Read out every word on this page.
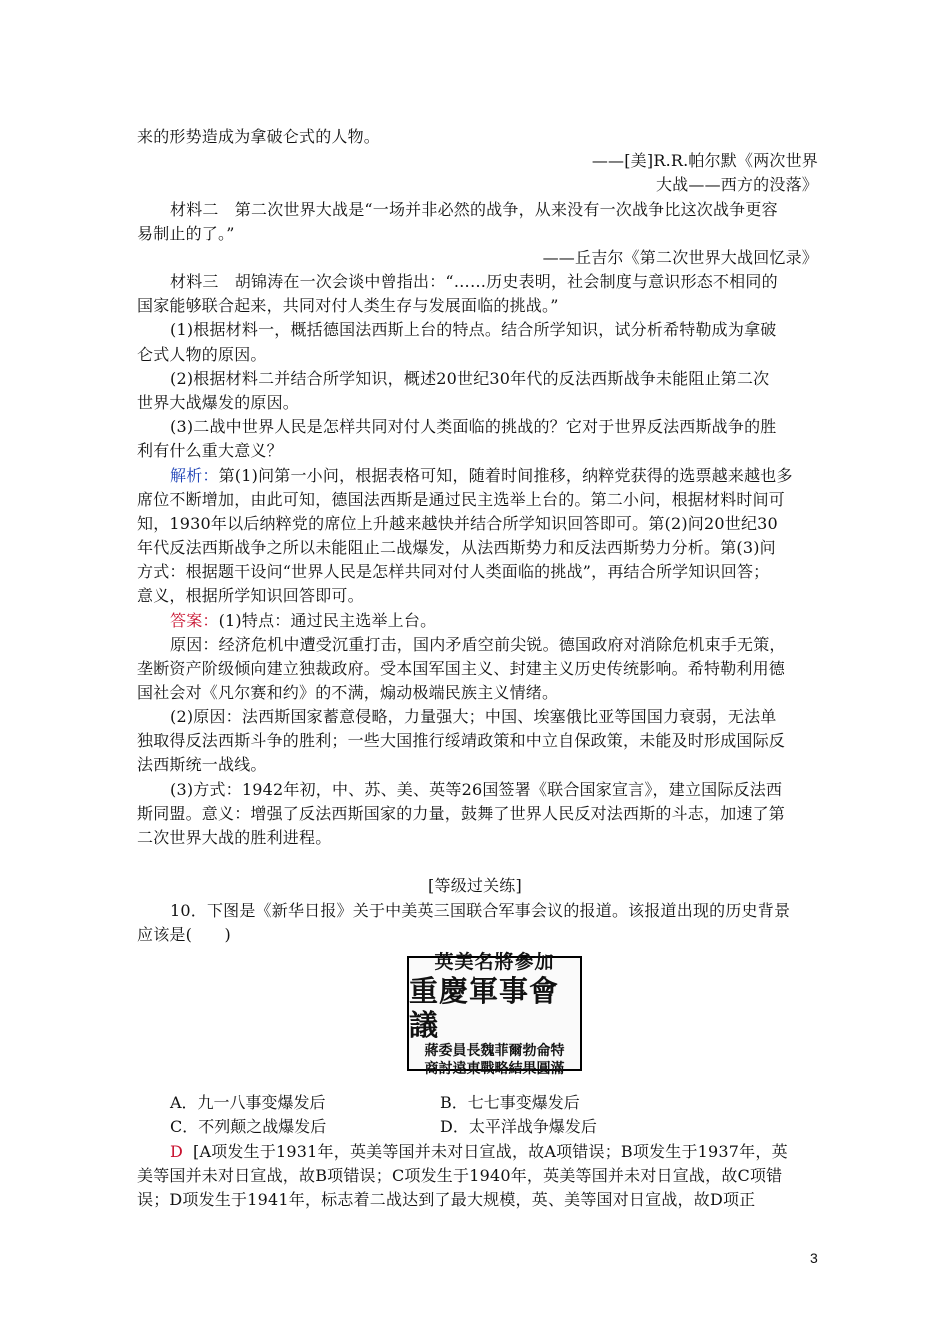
来的形势造成为拿破仑式的人物。
——[美]R.R.帕尔默《两次世界
大战——西方的没落》
材料二　第二次世界大战是“一场并非必然的战争，从来没有一次战争比这次战争更容
易制止的了。”
——丘吉尔《第二次世界大战回忆录》
材料三　胡锦涛在一次会谈中曾指出：“……历史表明，社会制度与意识形态不相同的
国家能够联合起来，共同对付人类生存与发展面临的挑战。”
(1)根据材料一，概括德国法西斯上台的特点。结合所学知识，试分析希特勒成为拿破
仑式人物的原因。
(2)根据材料二并结合所学知识，概述20世纪30年代的反法西斯战争未能阻止第二次
世界大战爆发的原因。
(3)二战中世界人民是怎样共同对付人类面临的挑战的？它对于世界反法西斯战争的胜
利有什么重大意义？
席位不断增加，由此可知，德国法西斯是通过民主选举上台的。第二小问，根据材料时间可
知，1930年以后纳粹党的席位上升越来越快并结合所学知识回答即可。第(2)问20世纪30
年代反法西斯战争之所以未能阻止二战爆发，从法西斯势力和反法西斯势力分析。第(3)问
方式：根据题干设问“世界人民是怎样共同对付人类面临的挑战”，再结合所学知识回答；
意义，根据所学知识回答即可。
原因：经济危机中遭受沉重打击，国内矛盾空前尖锐。德国政府对消除危机束手无策，
垄断资产阶级倾向建立独裁政府。受本国军国主义、封建主义历史传统影响。希特勒利用德
国社会对《凡尔赛和约》的不满，煽动极端民族主义情绪。
(2)原因：法西斯国家蓄意侵略，力量强大；中国、埃塞俄比亚等国国力衰弱，无法单
独取得反法西斯斗争的胜利；一些大国推行绥靖政策和中立自保政策，未能及时形成国际反
法西斯统一战线。
(3)方式：1942年初，中、苏、美、英等26国签署《联合国家宣言》，建立国际反法西
斯同盟。意义：增强了反法西斯国家的力量，鼓舞了世界人民反对法西斯的斗志，加速了第
二次世界大战的胜利进程。
[等级过关练]
10．下图是《新华日报》关于中美英三国联合军事会议的报道。该报道出现的历史背景
应该是(　　)
美等国并未对日宣战，故B项错误；C项发生于1940年，英美等国并未对日宣战，故C项错
误；D项发生于1941年，标志着二战达到了最大规模，英、美等国对日宣战，故D项正
解析：第(1)问第一小问，根据表格可知，随着时间推移，纳粹党获得的选票越来越也多
答案：(1)特点：通过民主选举上台。
英美名將參加
重慶軍事會議
蔣委員長魏菲爾勃侖特
商討遠東戰略結果圓滿
A．九一八事变爆发后	B．七七事变爆发后
C．不列颠之战爆发后	D．太平洋战争爆发后
D [A项发生于1931年，英美等国并未对日宣战，故A项错误；B项发生于1937年，英
3
